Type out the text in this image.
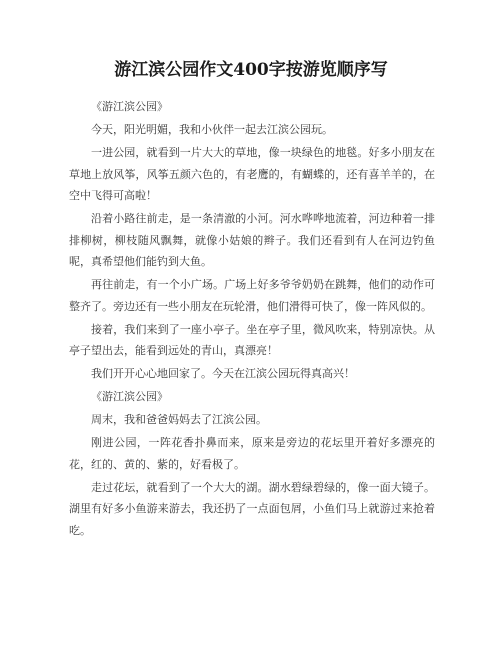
游江滨公园作文400字按游览顺序写

《游江滨公园》

今天，阳光明媚，我和小伙伴一起去江滨公园玩。

一进公园，就看到一片大大的草地，像一块绿色的地毯。好多小朋友在草地上放风筝，风筝五颜六色的，有老鹰的，有蝴蝶的，还有喜羊羊的，在空中飞得可高啦！

沿着小路往前走，是一条清澈的小河。河水哗哗地流着，河边种着一排排柳树，柳枝随风飘舞，就像小姑娘的辫子。我们还看到有人在河边钓鱼呢，真希望他们能钓到大鱼。

再往前走，有一个小广场。广场上好多爷爷奶奶在跳舞，他们的动作可整齐了。旁边还有一些小朋友在玩轮滑，他们滑得可快了，像一阵风似的。

接着，我们来到了一座小亭子。坐在亭子里，微风吹来，特别凉快。从亭子望出去，能看到远处的青山，真漂亮！

我们开开心心地回家了。今天在江滨公园玩得真高兴！

《游江滨公园》

周末，我和爸爸妈妈去了江滨公园。

刚进公园，一阵花香扑鼻而来，原来是旁边的花坛里开着好多漂亮的花，红的、黄的、紫的，好看极了。

走过花坛，就看到了一个大大的湖。湖水碧绿碧绿的，像一面大镜子。湖里有好多小鱼游来游去，我还扔了一点面包屑，小鱼们马上就游过来抢着吃。
